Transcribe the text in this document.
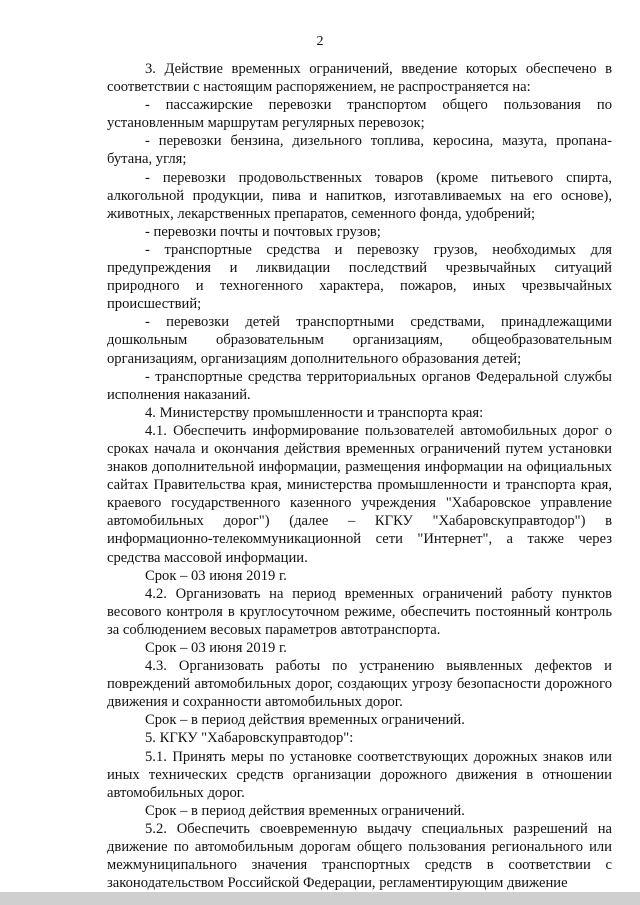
2

3. Действие временных ограничений, введение которых обеспечено в соответствии с настоящим распоряжением, не распространяется на:

- пассажирские перевозки транспортом общего пользования по установленным маршрутам регулярных перевозок;

- перевозки бензина, дизельного топлива, керосина, мазута, пропана-бутана, угля;

- перевозки продовольственных товаров (кроме питьевого спирта, алкогольной продукции, пива и напитков, изготавливаемых на его основе), животных, лекарственных препаратов, семенного фонда, удобрений;

- перевозки почты и почтовых грузов;

- транспортные средства и перевозку грузов, необходимых для предупреждения и ликвидации последствий чрезвычайных ситуаций природного и техногенного характера, пожаров, иных чрезвычайных происшествий;

- перевозки детей транспортными средствами, принадлежащими дошкольным образовательным организациям, общеобразовательным организациям, организациям дополнительного образования детей;

- транспортные средства территориальных органов Федеральной службы исполнения наказаний.

4. Министерству промышленности и транспорта края:

4.1. Обеспечить информирование пользователей автомобильных дорог о сроках начала и окончания действия временных ограничений путем установки знаков дополнительной информации, размещения информации на официальных сайтах Правительства края, министерства промышленности и транспорта края, краевого государственного казенного учреждения "Хабаровское управление автомобильных дорог") (далее – КГКУ "Хабаровскуправтодор") в информационно-телекоммуникационной сети "Интернет", а также через средства массовой информации.

Срок – 03 июня 2019 г.

4.2. Организовать на период временных ограничений работу пунктов весового контроля в круглосуточном режиме, обеспечить постоянный контроль за соблюдением весовых параметров автотранспорта.

Срок – 03 июня 2019 г.

4.3. Организовать работы по устранению выявленных дефектов и повреждений автомобильных дорог, создающих угрозу безопасности дорожного движения и сохранности автомобильных дорог.

Срок – в период действия временных ограничений.

5. КГКУ "Хабаровскуправтодор":

5.1. Принять меры по установке соответствующих дорожных знаков или иных технических средств организации дорожного движения в отношении автомобильных дорог.

Срок – в период действия временных ограничений.

5.2. Обеспечить своевременную выдачу специальных разрешений на движение по автомобильным дорогам общего пользования регионального или межмуниципального значения транспортных средств в соответствии с законодательством Российской Федерации, регламентирующим движение
